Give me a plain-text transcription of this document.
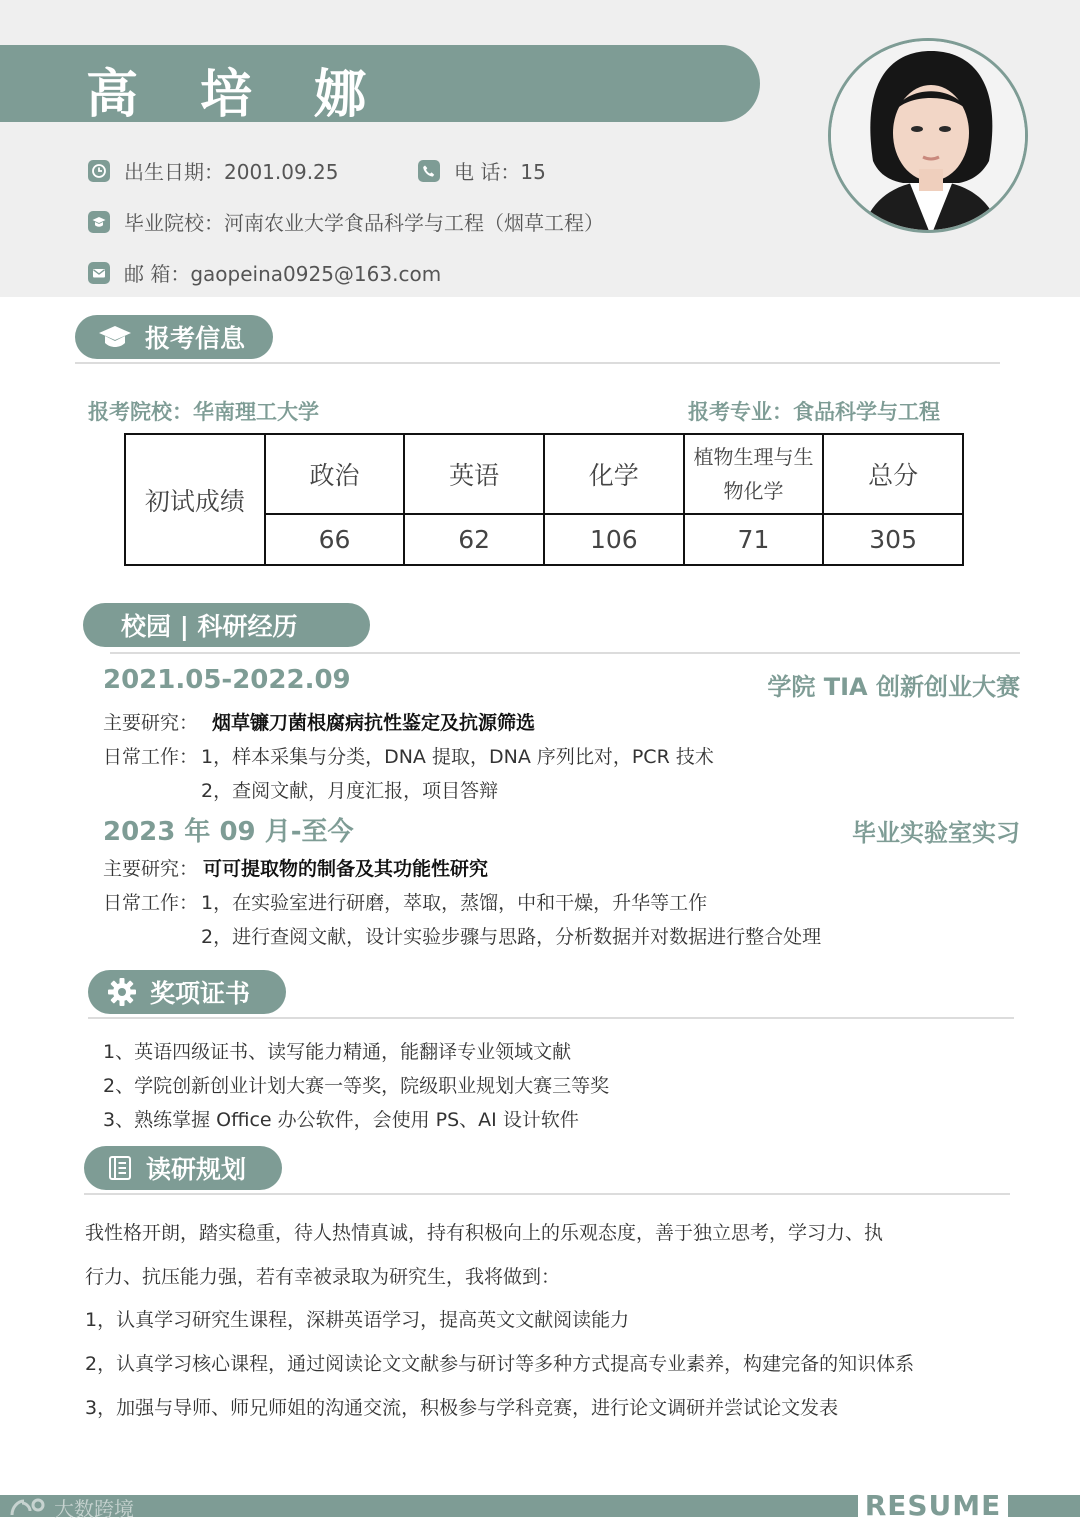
高 培 娜
出生日期：2001.09.25	电 话：15
毕业院校：河南农业大学食品科学与工程（烟草工程）
邮 箱：gaopeina0925@163.com
报考信息
报考院校：华南理工大学	报考专业：食品科学与工程
初试成绩	政治	英语	化学	植物生理与生物化学	总分
	66	62	106	71	305
校园 | 科研经历
2021.05-2022.09	学院 TIA 创新创业大赛
主要研究： 烟草镰刀菌根腐病抗性鉴定及抗源筛选
日常工作： 1，样本采集与分类，DNA 提取，DNA 序列比对，PCR 技术
2，查阅文献，月度汇报，项目答辩
2023 年 09 月-至今	毕业实验室实习
主要研究： 可可提取物的制备及其功能性研究
日常工作： 1，在实验室进行研磨，萃取，蒸馏，中和干燥，升华等工作
2，进行查阅文献，设计实验步骤与思路，分析数据并对数据进行整合处理
奖项证书
1、英语四级证书、读写能力精通，能翻译专业领域文献
2、学院创新创业计划大赛一等奖，院级职业规划大赛三等奖
3、熟练掌握 Office 办公软件，会使用 PS、AI 设计软件
读研规划
我性格开朗，踏实稳重，待人热情真诚，持有积极向上的乐观态度，善于独立思考，学习力、执
行力、抗压能力强，若有幸被录取为研究生，我将做到：
1，认真学习研究生课程，深耕英语学习，提高英文文献阅读能力
2，认真学习核心课程，通过阅读论文文献参与研讨等多种方式提高专业素养，构建完备的知识体系
3，加强与导师、师兄师姐的沟通交流，积极参与学科竞赛，进行论文调研并尝试论文发表
RESUME
大数跨境
